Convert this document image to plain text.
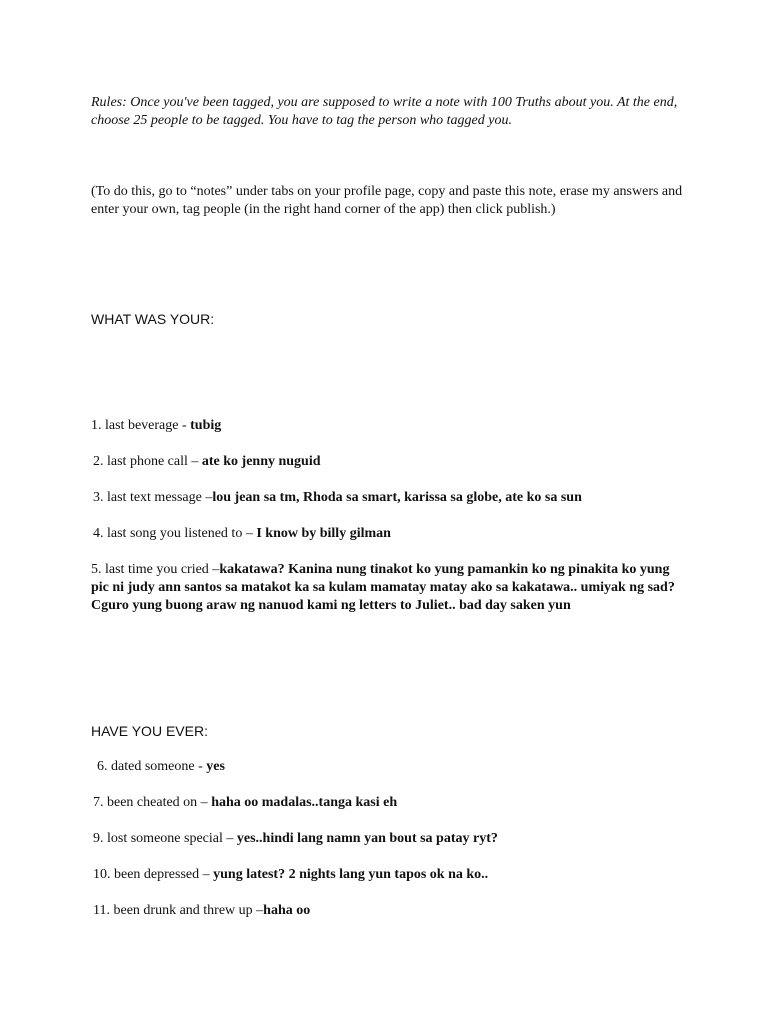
Rules: Once you've been tagged, you are supposed to write a note with 100 Truths about you. At the end, choose 25 people to be tagged. You have to tag the person who tagged you.

(To do this, go to “notes” under tabs on your profile page, copy and paste this note, erase my answers and enter your own, tag people (in the right hand corner of the app) then click publish.)

WHAT WAS YOUR:

1. last beverage - tubig

2. last phone call – ate ko jenny nuguid

3. last text message –lou jean sa tm, Rhoda sa smart, karissa sa globe, ate ko sa sun

4. last song you listened to – I know by billy gilman

5. last time you cried –kakatawa? Kanina nung tinakot ko yung pamankin ko ng pinakita ko yung pic ni judy ann santos sa matakot ka sa kulam mamatay matay ako sa kakatawa.. umiyak ng sad? Cguro yung buong araw ng nanuod kami ng letters to Juliet.. bad day saken yun

HAVE YOU EVER:

6. dated someone - yes

7. been cheated on – haha oo madalas..tanga kasi eh

9. lost someone special – yes..hindi lang namn yan bout sa patay ryt?

10. been depressed – yung latest? 2 nights lang yun tapos ok na ko..

11. been drunk and threw up –haha oo
